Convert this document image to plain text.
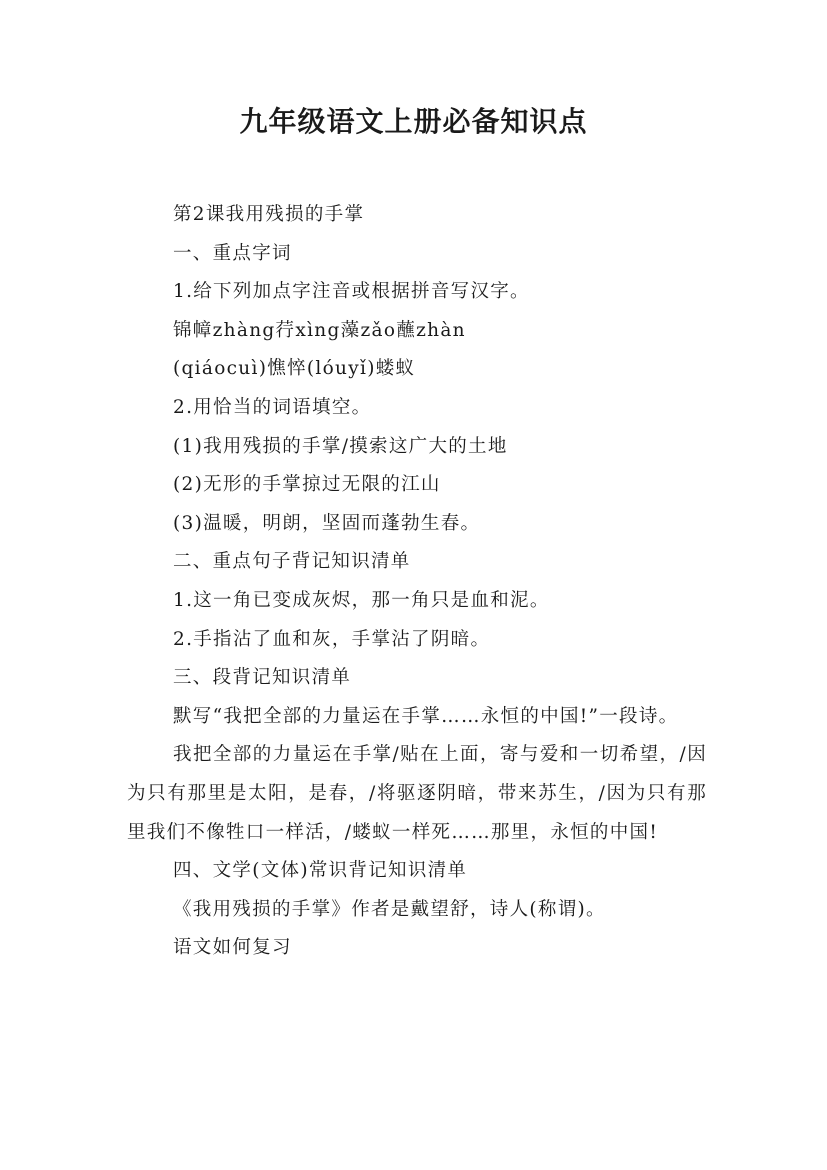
九年级语文上册必备知识点
第2课我用残损的手掌
一、重点字词
1.给下列加点字注音或根据拼音写汉字。
锦幛zhàng荇xìng藻zǎo蘸zhàn
(qiáocuì)憔悴(lóuyǐ)蝼蚁
2.用恰当的词语填空。
(1)我用残损的手掌/摸索这广大的土地
(2)无形的手掌掠过无限的江山
(3)温暖，明朗，坚固而蓬勃生春。
二、重点句子背记知识清单
1.这一角已变成灰烬，那一角只是血和泥。
2.手指沾了血和灰，手掌沾了阴暗。
三、段背记知识清单
默写“我把全部的力量运在手掌……永恒的中国!”一段诗。
我把全部的力量运在手掌/贴在上面，寄与爱和一切希望，/因为只有那里是太阳，是春，/将驱逐阴暗，带来苏生，/因为只有那里我们不像牲口一样活，/蝼蚁一样死……那里，永恒的中国!
四、文学(文体)常识背记知识清单
《我用残损的手掌》作者是戴望舒，诗人(称谓)。
语文如何复习
